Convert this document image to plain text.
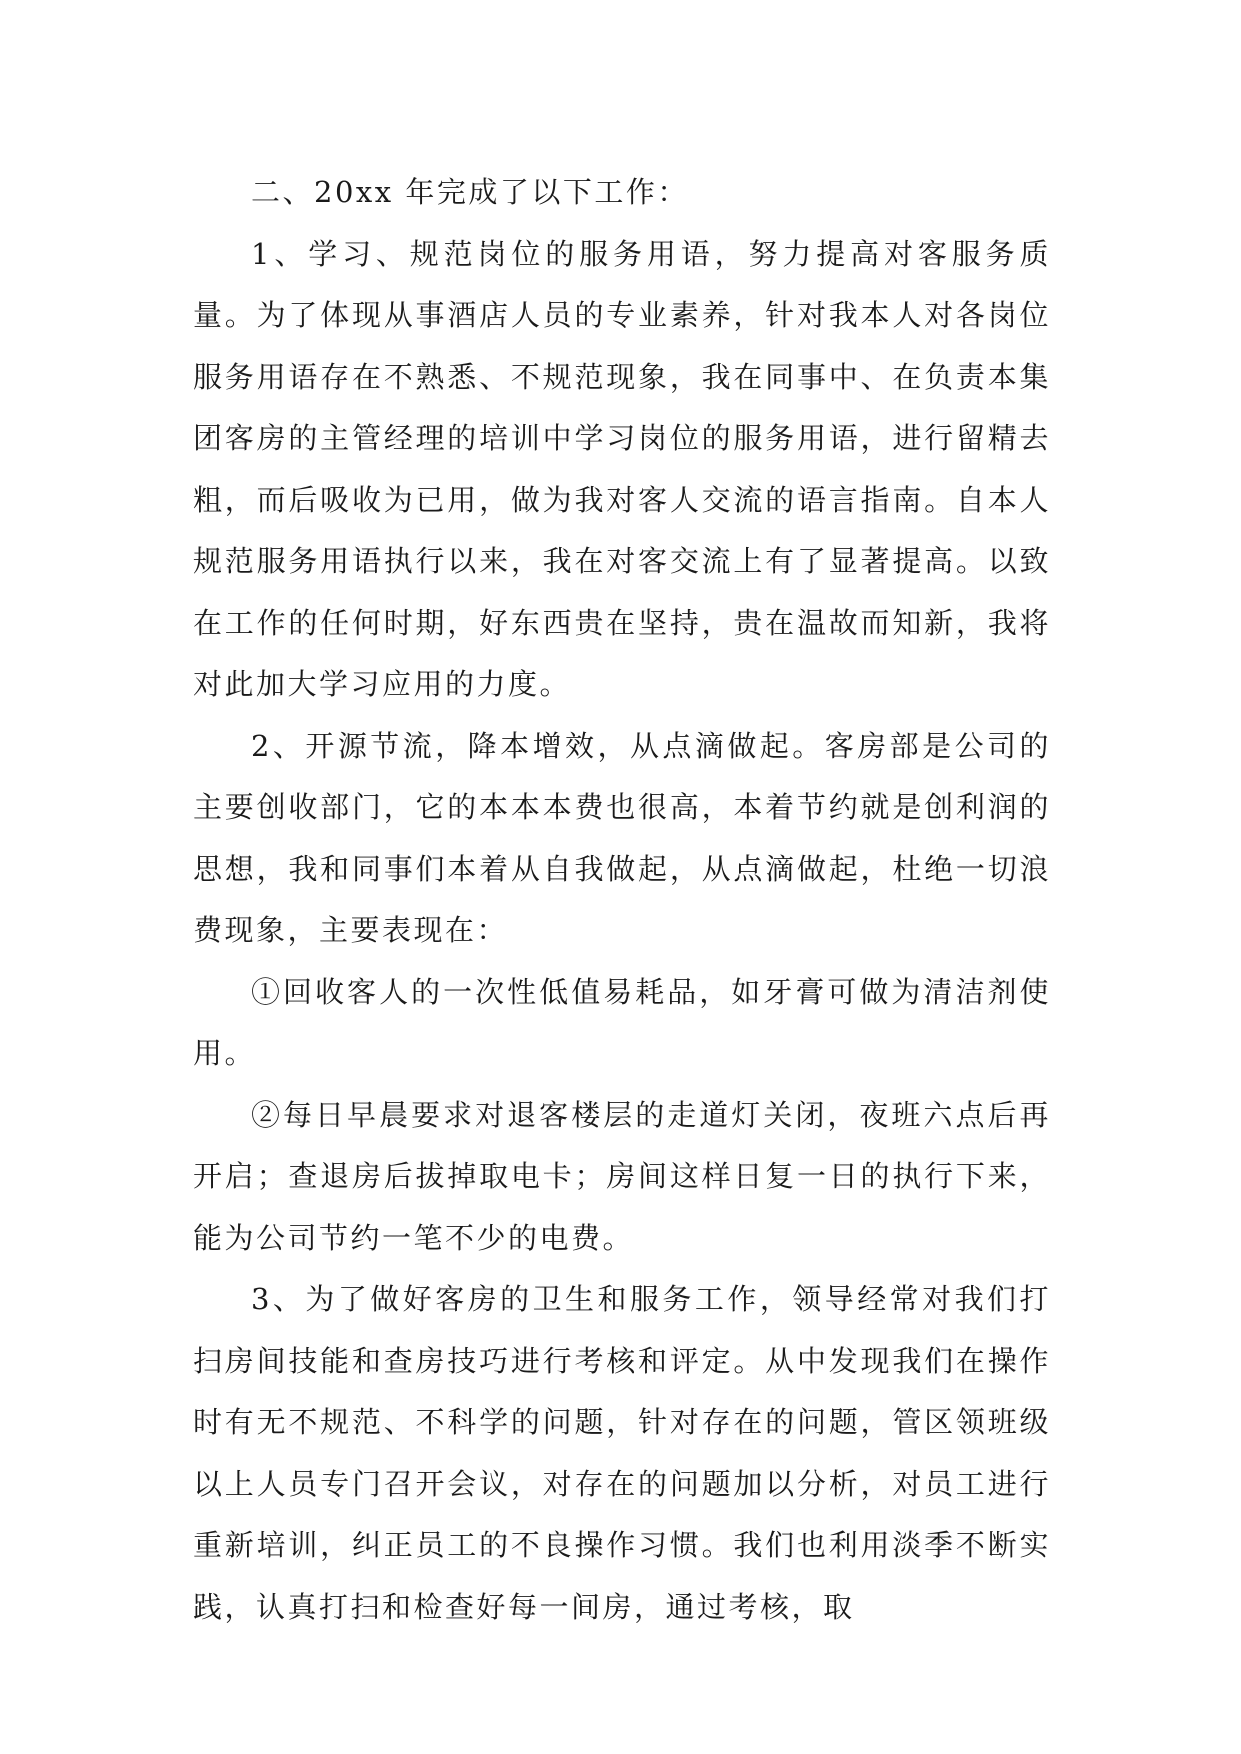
二、20xx 年完成了以下工作：

1、学习、规范岗位的服务用语，努力提高对客服务质量。为了体现从事酒店人员的专业素养，针对我本人对各岗位服务用语存在不熟悉、不规范现象，我在同事中、在负责本集团客房的主管经理的培训中学习岗位的服务用语，进行留精去粗，而后吸收为已用，做为我对客人交流的语言指南。自本人规范服务用语执行以来，我在对客交流上有了显著提高。以致在工作的任何时期，好东西贵在坚持，贵在温故而知新，我将对此加大学习应用的力度。

2、开源节流，降本增效，从点滴做起。客房部是公司的主要创收部门，它的本本本费也很高，本着节约就是创利润的思想，我和同事们本着从自我做起，从点滴做起，杜绝一切浪费现象，主要表现在：

①回收客人的一次性低值易耗品，如牙膏可做为清洁剂使用。

②每日早晨要求对退客楼层的走道灯关闭，夜班六点后再开启；查退房后拔掉取电卡；房间这样日复一日的执行下来，能为公司节约一笔不少的电费。

3、为了做好客房的卫生和服务工作，领导经常对我们打扫房间技能和查房技巧进行考核和评定。从中发现我们在操作时有无不规范、不科学的问题，针对存在的问题，管区领班级以上人员专门召开会议，对存在的问题加以分析，对员工进行重新培训，纠正员工的不良操作习惯。我们也利用淡季不断实践，认真打扫和检查好每一间房，通过考核，取
